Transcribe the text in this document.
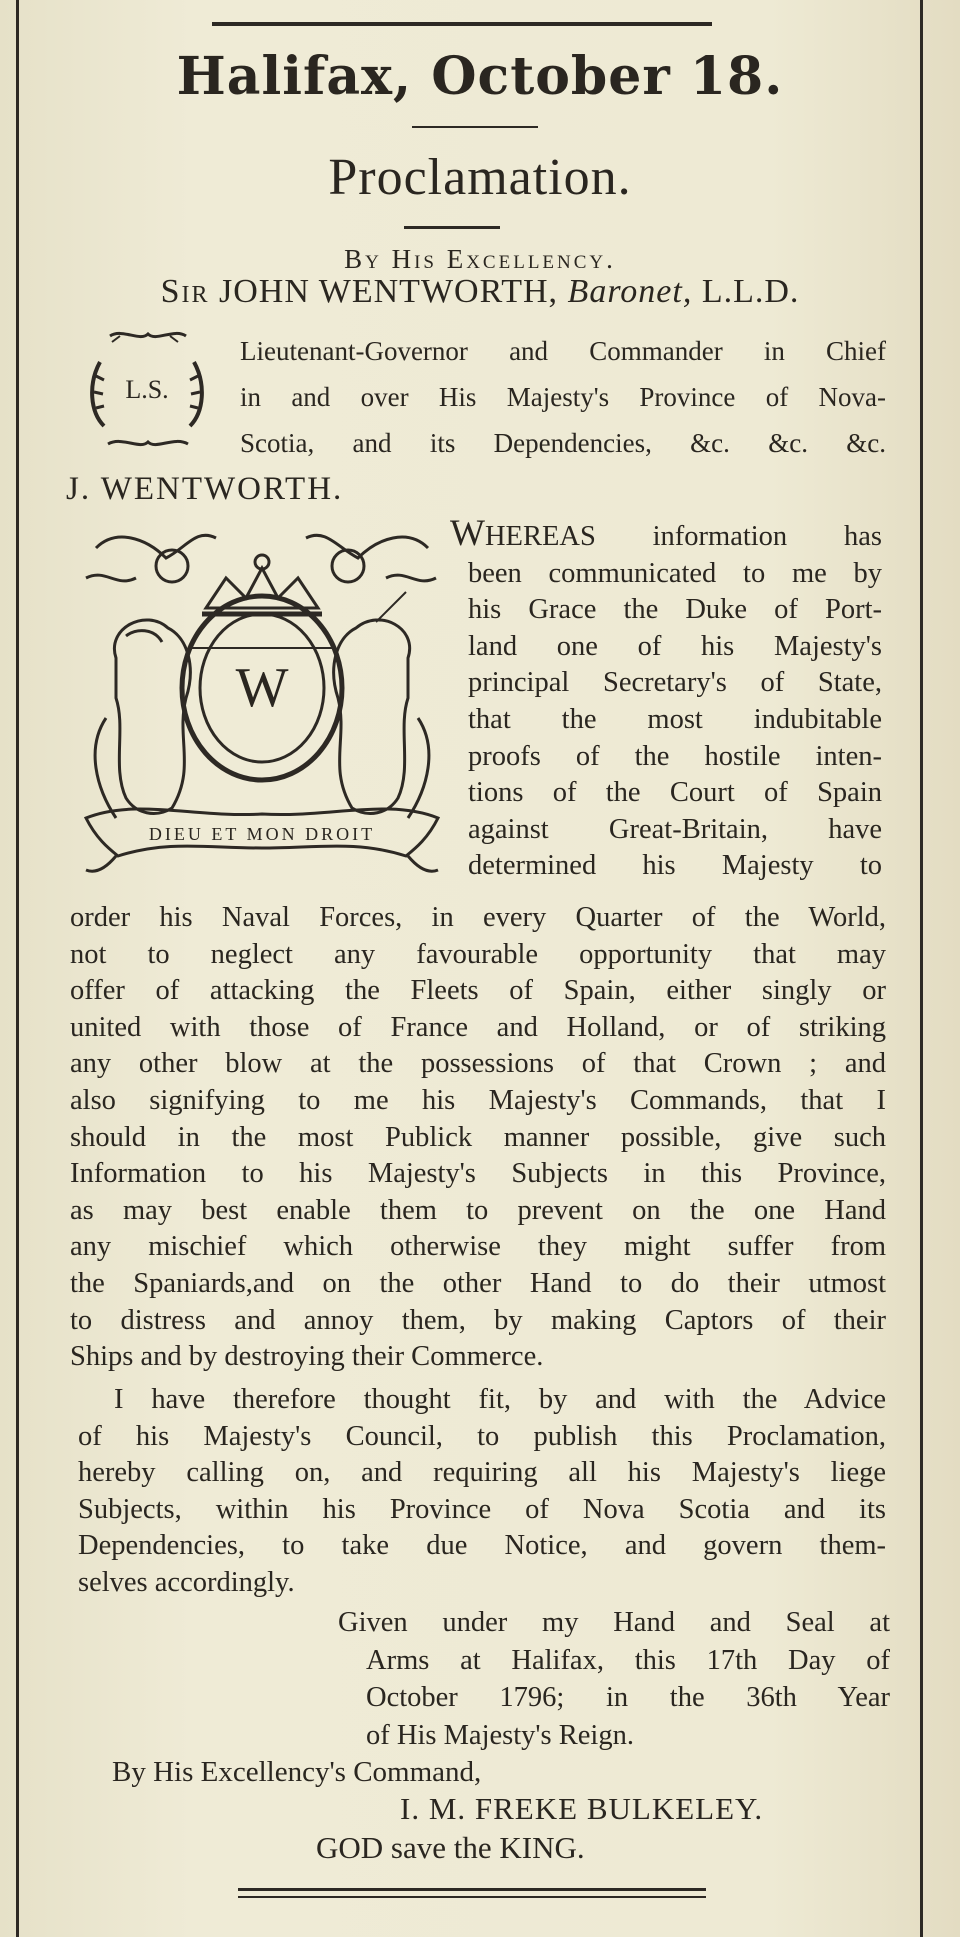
Halifax, October 18.
Proclamation.
By His Excellency.
Sir JOHN WENTWORTH, Baronet, L.L.D.
L.S.
Lieutenant-Governor and Commander in Chief
in and over His Majesty's Province of Nova-
Scotia, and its Dependencies, &c. &c. &c.
J. WENTWORTH.
W
DIEU ET MON DROIT
WHEREAS information has
been communicated to me by
his Grace the Duke of Port-
land one of his Majesty's
principal Secretary's of State,
that the most indubitable
proofs of the hostile inten-
tions of the Court of Spain
against Great-Britain, have
determined his Majesty to
order his Naval Forces, in every Quarter of the World,
not to neglect any favourable opportunity that may
offer of attacking the Fleets of Spain, either singly or
united with those of France and Holland, or of striking
any other blow at the possessions of that Crown ; and
also signifying to me his Majesty's Commands, that I
should in the most Publick manner possible, give such
Information to his Majesty's Subjects in this Province,
as may best enable them to prevent on the one Hand
any mischief which otherwise they might suffer from
the Spaniards,and on the other Hand to do their utmost
to distress and annoy them, by making Captors of their
Ships and by destroying their Commerce.
I have therefore thought fit, by and with the Advice
of his Majesty's Council, to publish this Proclamation,
hereby calling on, and requiring all his Majesty's liege
Subjects, within his Province of Nova Scotia and its
Dependencies, to take due Notice, and govern them-
selves accordingly.
Given under my Hand and Seal at
Arms at Halifax, this 17th Day of
October 1796; in the 36th Year
of His Majesty's Reign.
By His Excellency's Command,
I. M. FREKE BULKELEY.
GOD save the KING.
